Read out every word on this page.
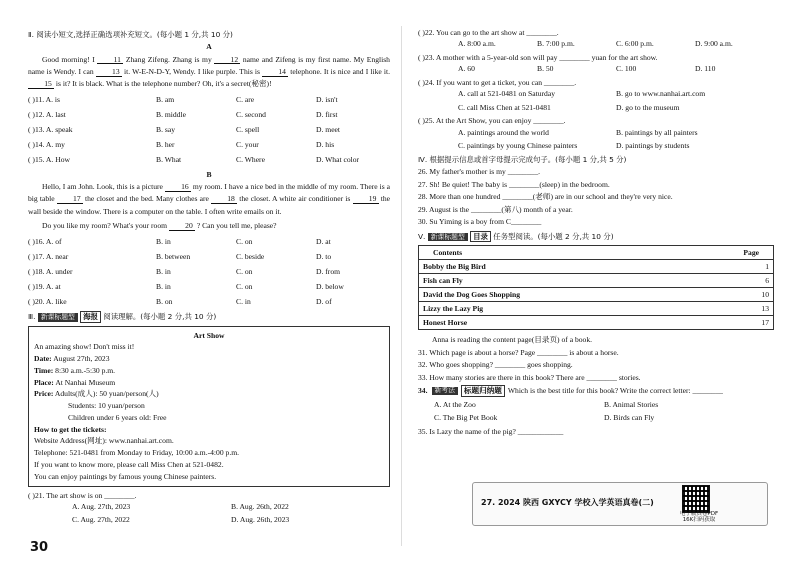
Ⅱ. 阅读小短文,选择正确选项补充短文。(每小题 1 分,共 10 分)
A

Good morning! I 11 Zhang Zifeng. Zhang is my 12 name and Zifeng is my first name. My English name is Wendy. I can 13 it. W-E-N-D-Y, Wendy. I like purple. This is 14 telephone. It is nice and I like it. 15 is it? It is black. What is the telephone number? Oh, it's a secret(秘密)!

( )11. A. is	B. am	C. are	D. isn't
( )12. A. last	B. middle	C. second	D. first
( )13. A. speak	B. say	C. spell	D. meet
( )14. A. my	B. her	C. your	D. his
( )15. A. How	B. What	C. Where	D. What color
B

Hello, I am John. Look, this is a picture 16 my room. I have a nice bed in the middle of my room. There is a big table 17 the closet and the bed. Many clothes are 18 the closet. A white air conditioner is 19 the wall beside the window. There is a computer on the table. I often write emails on it.

Do you like my room? What's your room 20 ? Can you tell me, please?

( )16. A. of	B. in	C. on	D. at
( )17. A. near	B. between	C. beside	D. to
( )18. A. under	B. in	C. on	D. from
( )19. A. at	B. in	C. on	D. below
( )20. A. like	B. on	C. in	D. of
Ⅲ. 新课标题型 海报 阅读理解。(每小题 2 分,共 10 分)
Art Show
An amazing show! Don't miss it!
Date: August 27th, 2023
Time: 8:30 a.m.-5:30 p.m.
Place: At Nanhai Museum
Price: Adults(成人): 50 yuan/person(人)
Students: 10 yuan/person
Children under 6 years old: Free
How to get the tickets:
Website Address(网址): www.nanhai.art.com.
Telephone: 521-0481 from Monday to Friday, 10:00 a.m.-4:00 p.m.
If you want to know more, please call Miss Chen at 521-0482.
You can enjoy paintings by famous young Chinese painters.
( )21. The art show is on ________.
A. Aug. 27th, 2023	B. Aug. 26th, 2022
C. Aug. 27th, 2022	D. Aug. 26th, 2023
( )22. You can go to the art show at ________.
A. 8:00 a.m.	B. 7:00 p.m.	C. 6:00 p.m.	D. 9:00 a.m.
( )23. A mother with a 5-year-old son will pay ________ yuan for the art show.
A. 60	B. 50	C. 100	D. 110
( )24. If you want to get a ticket, you can ________.
A. call at 521-0481 on Saturday	B. go to www.nanhai.art.com
C. call Miss Chen at 521-0481	D. go to the museum
( )25. At the Art Show, you can enjoy ________.
A. paintings around the world	B. paintings by all painters
C. paintings by young Chinese painters	D. paintings by students
Ⅳ. 根据提示信息或首字母提示完成句子。(每小题 1 分,共 5 分)
26. My father's mother is my ________.
27. Sh! Be quiet! The baby is ________(sleep) in the bedroom.
28. More than one hundred ________(老师) are in our school and they're very nice.
29. August is the ________(第八) month of a year.
30. Su Yiming is a boy from C________
Ⅴ. 新课标题型 目录 任务型阅读。(每小题 2 分,共 10 分)
Contents	Page
Bobby the Big Bird	1
Fish can Fly	6
David the Dog Goes Shopping	10
Lizzy the Lazy Pig	13
Honest Horse	17
Anna is reading the content page(目录页) of a book.
31. Which page is about a horse? Page ________ is about a horse.
32. Who goes shopping? ________ goes shopping.
33. How many stories are there in this book? There are ________ stories.
34.	新考法	标题归纳题 Which is the best title for this book? Write the correct letter: ________
A. At the Zoo	B. Animal Stories
C. The Big Pet Book	D. Birds can Fly
35. Is Lazy the name of the pig? ____________
27. 2024 陕西 GXYCY 学校入学英语真卷(二)
电子版真卷PDF
16K扫码获取
30
